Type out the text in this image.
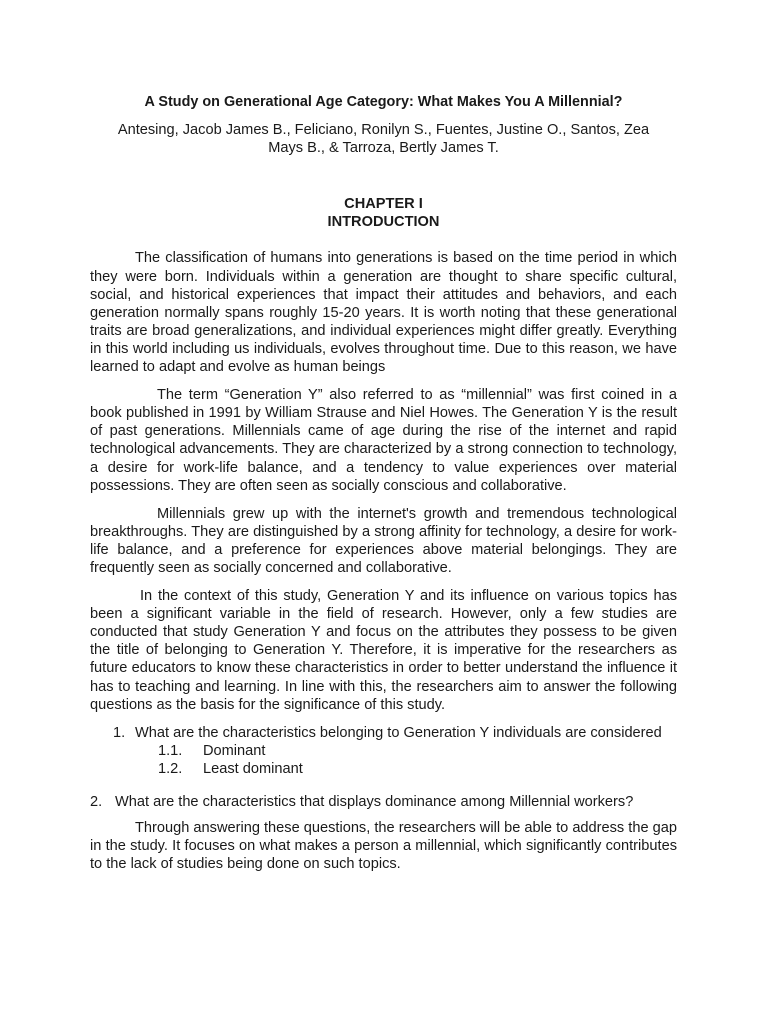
A Study on Generational Age Category: What Makes You A Millennial?

Antesing, Jacob James B., Feliciano, Ronilyn S., Fuentes, Justine O., Santos, Zea Mays B., & Tarroza, Bertly James T.

CHAPTER I

INTRODUCTION

The classification of humans into generations is based on the time period in which they were born. Individuals within a generation are thought to share specific cultural, social, and historical experiences that impact their attitudes and behaviors, and each generation normally spans roughly 15-20 years. It is worth noting that these generational traits are broad generalizations, and individual experiences might differ greatly. Everything in this world including us individuals, evolves throughout time. Due to this reason, we have learned to adapt and evolve as human beings

The term “Generation Y” also referred to as “millennial” was first coined in a book published in 1991 by William Strause and Niel Howes. The Generation Y is the result of past generations. Millennials came of age during the rise of the internet and rapid technological advancements. They are characterized by a strong connection to technology, a desire for work-life balance, and a tendency to value experiences over material possessions. They are often seen as socially conscious and collaborative.

Millennials grew up with the internet's growth and tremendous technological breakthroughs. They are distinguished by a strong affinity for technology, a desire for work-life balance, and a preference for experiences above material belongings. They are frequently seen as socially concerned and collaborative.

In the context of this study, Generation Y and its influence on various topics has been a significant variable in the field of research. However, only a few studies are conducted that study Generation Y and focus on the attributes they possess to be given the title of belonging to Generation Y. Therefore, it is imperative for the researchers as future educators to know these characteristics in order to better understand the influence it has to teaching and learning. In line with this, the researchers aim to answer the following questions as the basis for the significance of this study.

1. What are the characteristics belonging to Generation Y individuals are considered
1.1. Dominant
1.2. Least dominant
2. What are the characteristics that displays dominance among Millennial workers?

Through answering these questions, the researchers will be able to address the gap in the study. It focuses on what makes a person a millennial, which significantly contributes to the lack of studies being done on such topics.
